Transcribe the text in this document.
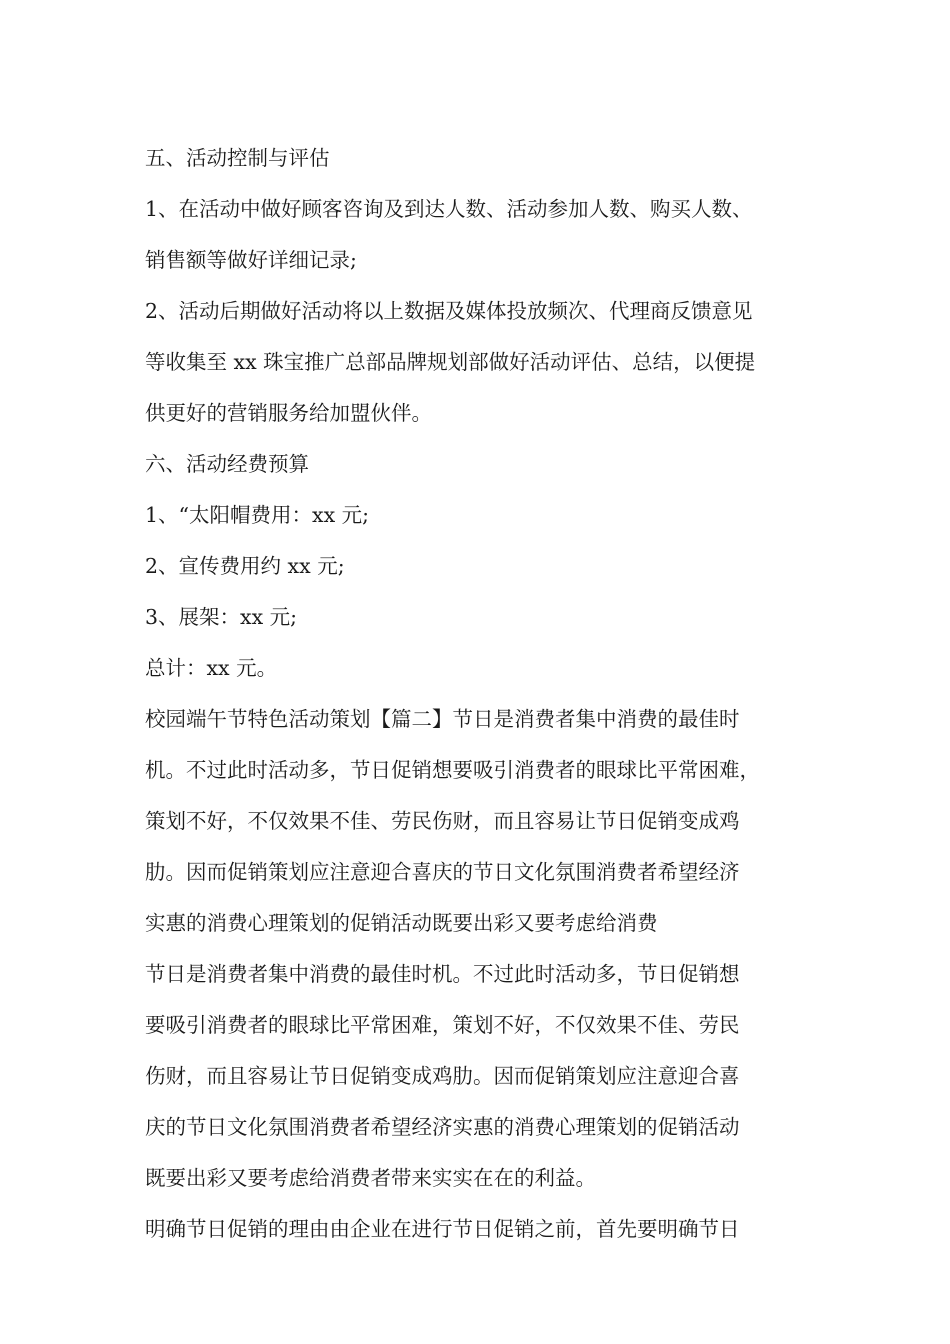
五、活动控制与评估
1、在活动中做好顾客咨询及到达人数、活动参加人数、购买人数、
销售额等做好详细记录;
2、活动后期做好活动将以上数据及媒体投放频次、代理商反馈意见
等收集至 xx 珠宝推广总部品牌规划部做好活动评估、总结，以便提
供更好的营销服务给加盟伙伴。
六、活动经费预算
1、“太阳帽费用：xx 元;
2、宣传费用约 xx 元;
3、展架：xx 元;
总计：xx 元。
校园端午节特色活动策划【篇二】节日是消费者集中消费的最佳时
机。不过此时活动多，节日促销想要吸引消费者的眼球比平常困难，
策划不好，不仅效果不佳、劳民伤财，而且容易让节日促销变成鸡
肋。因而促销策划应注意迎合喜庆的节日文化氛围消费者希望经济
实惠的消费心理策划的促销活动既要出彩又要考虑给消费
节日是消费者集中消费的最佳时机。不过此时活动多，节日促销想
要吸引消费者的眼球比平常困难，策划不好，不仅效果不佳、劳民
伤财，而且容易让节日促销变成鸡肋。因而促销策划应注意迎合喜
庆的节日文化氛围消费者希望经济实惠的消费心理策划的促销活动
既要出彩又要考虑给消费者带来实实在在的利益。
明确节日促销的理由由企业在进行节日促销之前，首先要明确节日
